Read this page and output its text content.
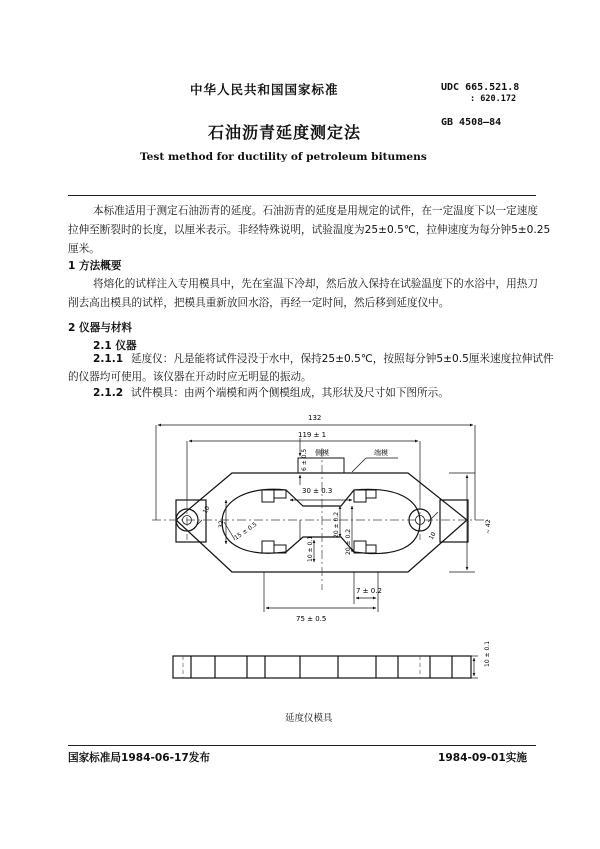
中华人民共和国国家标准	UDC 665.521.8
: 620.172
GB 4508—84
石油沥青延度测定法
Test method for ductility of petroleum bitumens
本标准适用于测定石油沥青的延度。石油沥青的延度是用规定的试件，在一定温度下以一定速度
拉伸至断裂时的长度，以厘米表示。非经特殊说明，试验温度为25±0.5℃，拉伸速度为每分钟5±0.25
厘米。
1 方法概要
将熔化的试样注入专用模具中，先在室温下冷却，然后放入保持在试验温度下的水浴中，用热刀
削去高出模具的试样，把模具重新放回水浴，再经一定时间，然后移到延度仪中。
2 仪器与材料
2.1 仪器
2.1.1 延度仪：凡是能将试件浸没于水中，保持25±0.5℃，按照每分钟5±0.5厘米速度拉伸试件
的仪器均可使用。该仪器在开动时应无明显的振动。
2.1.2 试件模具：由两个端模和两个侧模组成，其形状及尺寸如下图所示。
132
119 ± 1
侧模	端模
6 ± 0.5
30 ± 0.3
10
10
32 15 ± 0.5	20 ± 0.2
20 ± 0.2
10 ± 0.1
~ 42
7 ± 0.2
75 ± 0.5
10 ± 0.1
延度仪模具
国家标准局1984-06-17发布	1984-09-01实施
